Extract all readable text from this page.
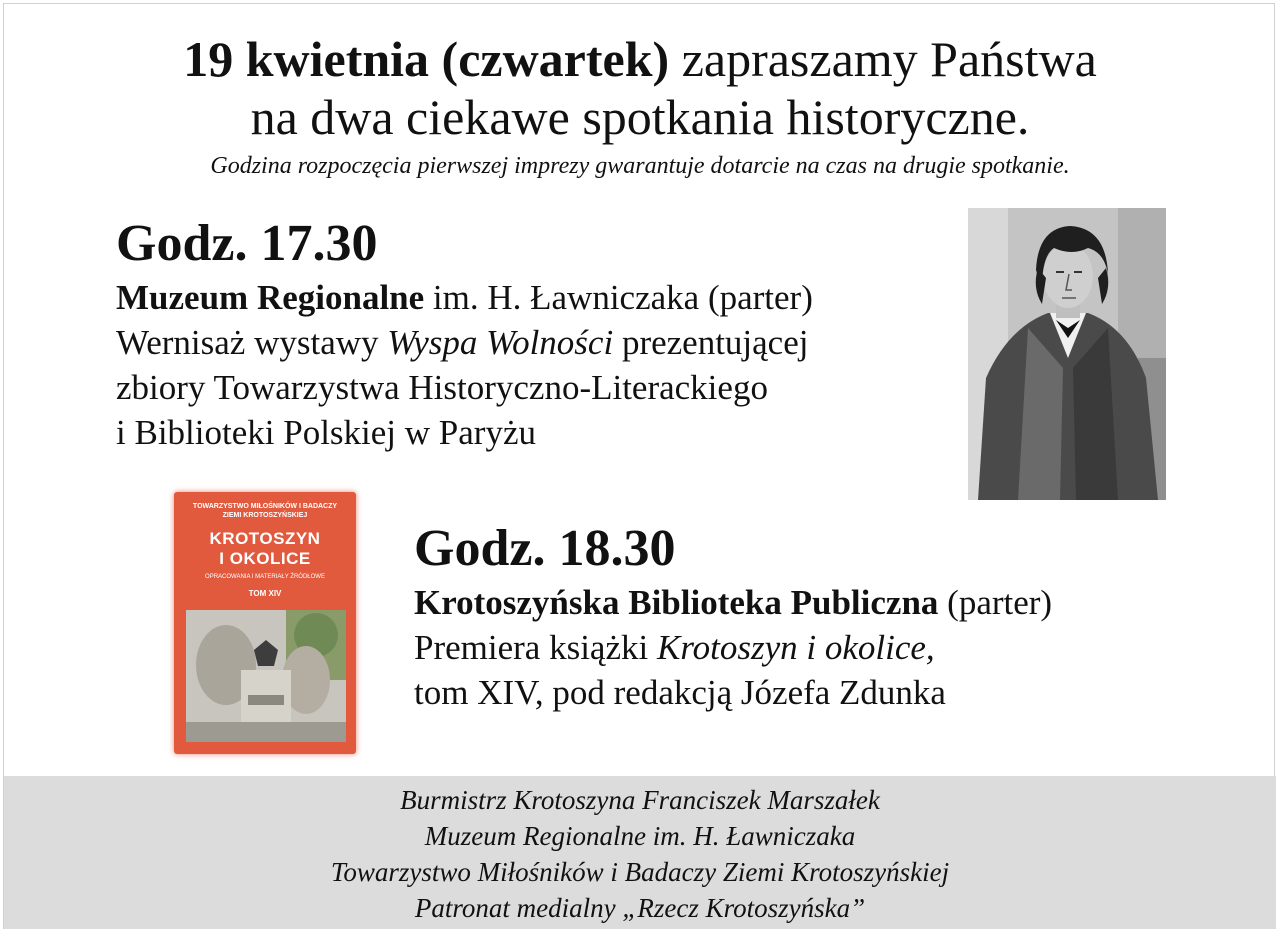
19 kwietnia (czwartek) zapraszamy Państwa
na dwa ciekawe spotkania historyczne.
Godzina rozpoczęcia pierwszej imprezy gwarantuje dotarcie na czas na drugie spotkanie.
Godz. 17.30
Muzeum Regionalne im. H. Ławniczaka (parter)
Wernisaż wystawy Wyspa Wolności prezentującej
zbiory Towarzystwa Historyczno-Literackiego
i Biblioteki Polskiej w Paryżu
TOWARZYSTWO MIŁOŚNIKÓW I BADACZY
ZIEMI KROTOSZYŃSKIEJ
KROTOSZYN
I OKOLICE
OPRACOWANIA I MATERIAŁY ŹRÓDŁOWE
TOM XIV
Godz. 18.30
Krotoszyńska Biblioteka Publiczna (parter)
Premiera książki Krotoszyn i okolice,
tom XIV, pod redakcją Józefa Zdunka
Burmistrz Krotoszyna Franciszek Marszałek
Muzeum Regionalne im. H. Ławniczaka
Towarzystwo Miłośników i Badaczy Ziemi Krotoszyńskiej
Patronat medialny „Rzecz Krotoszyńska”
